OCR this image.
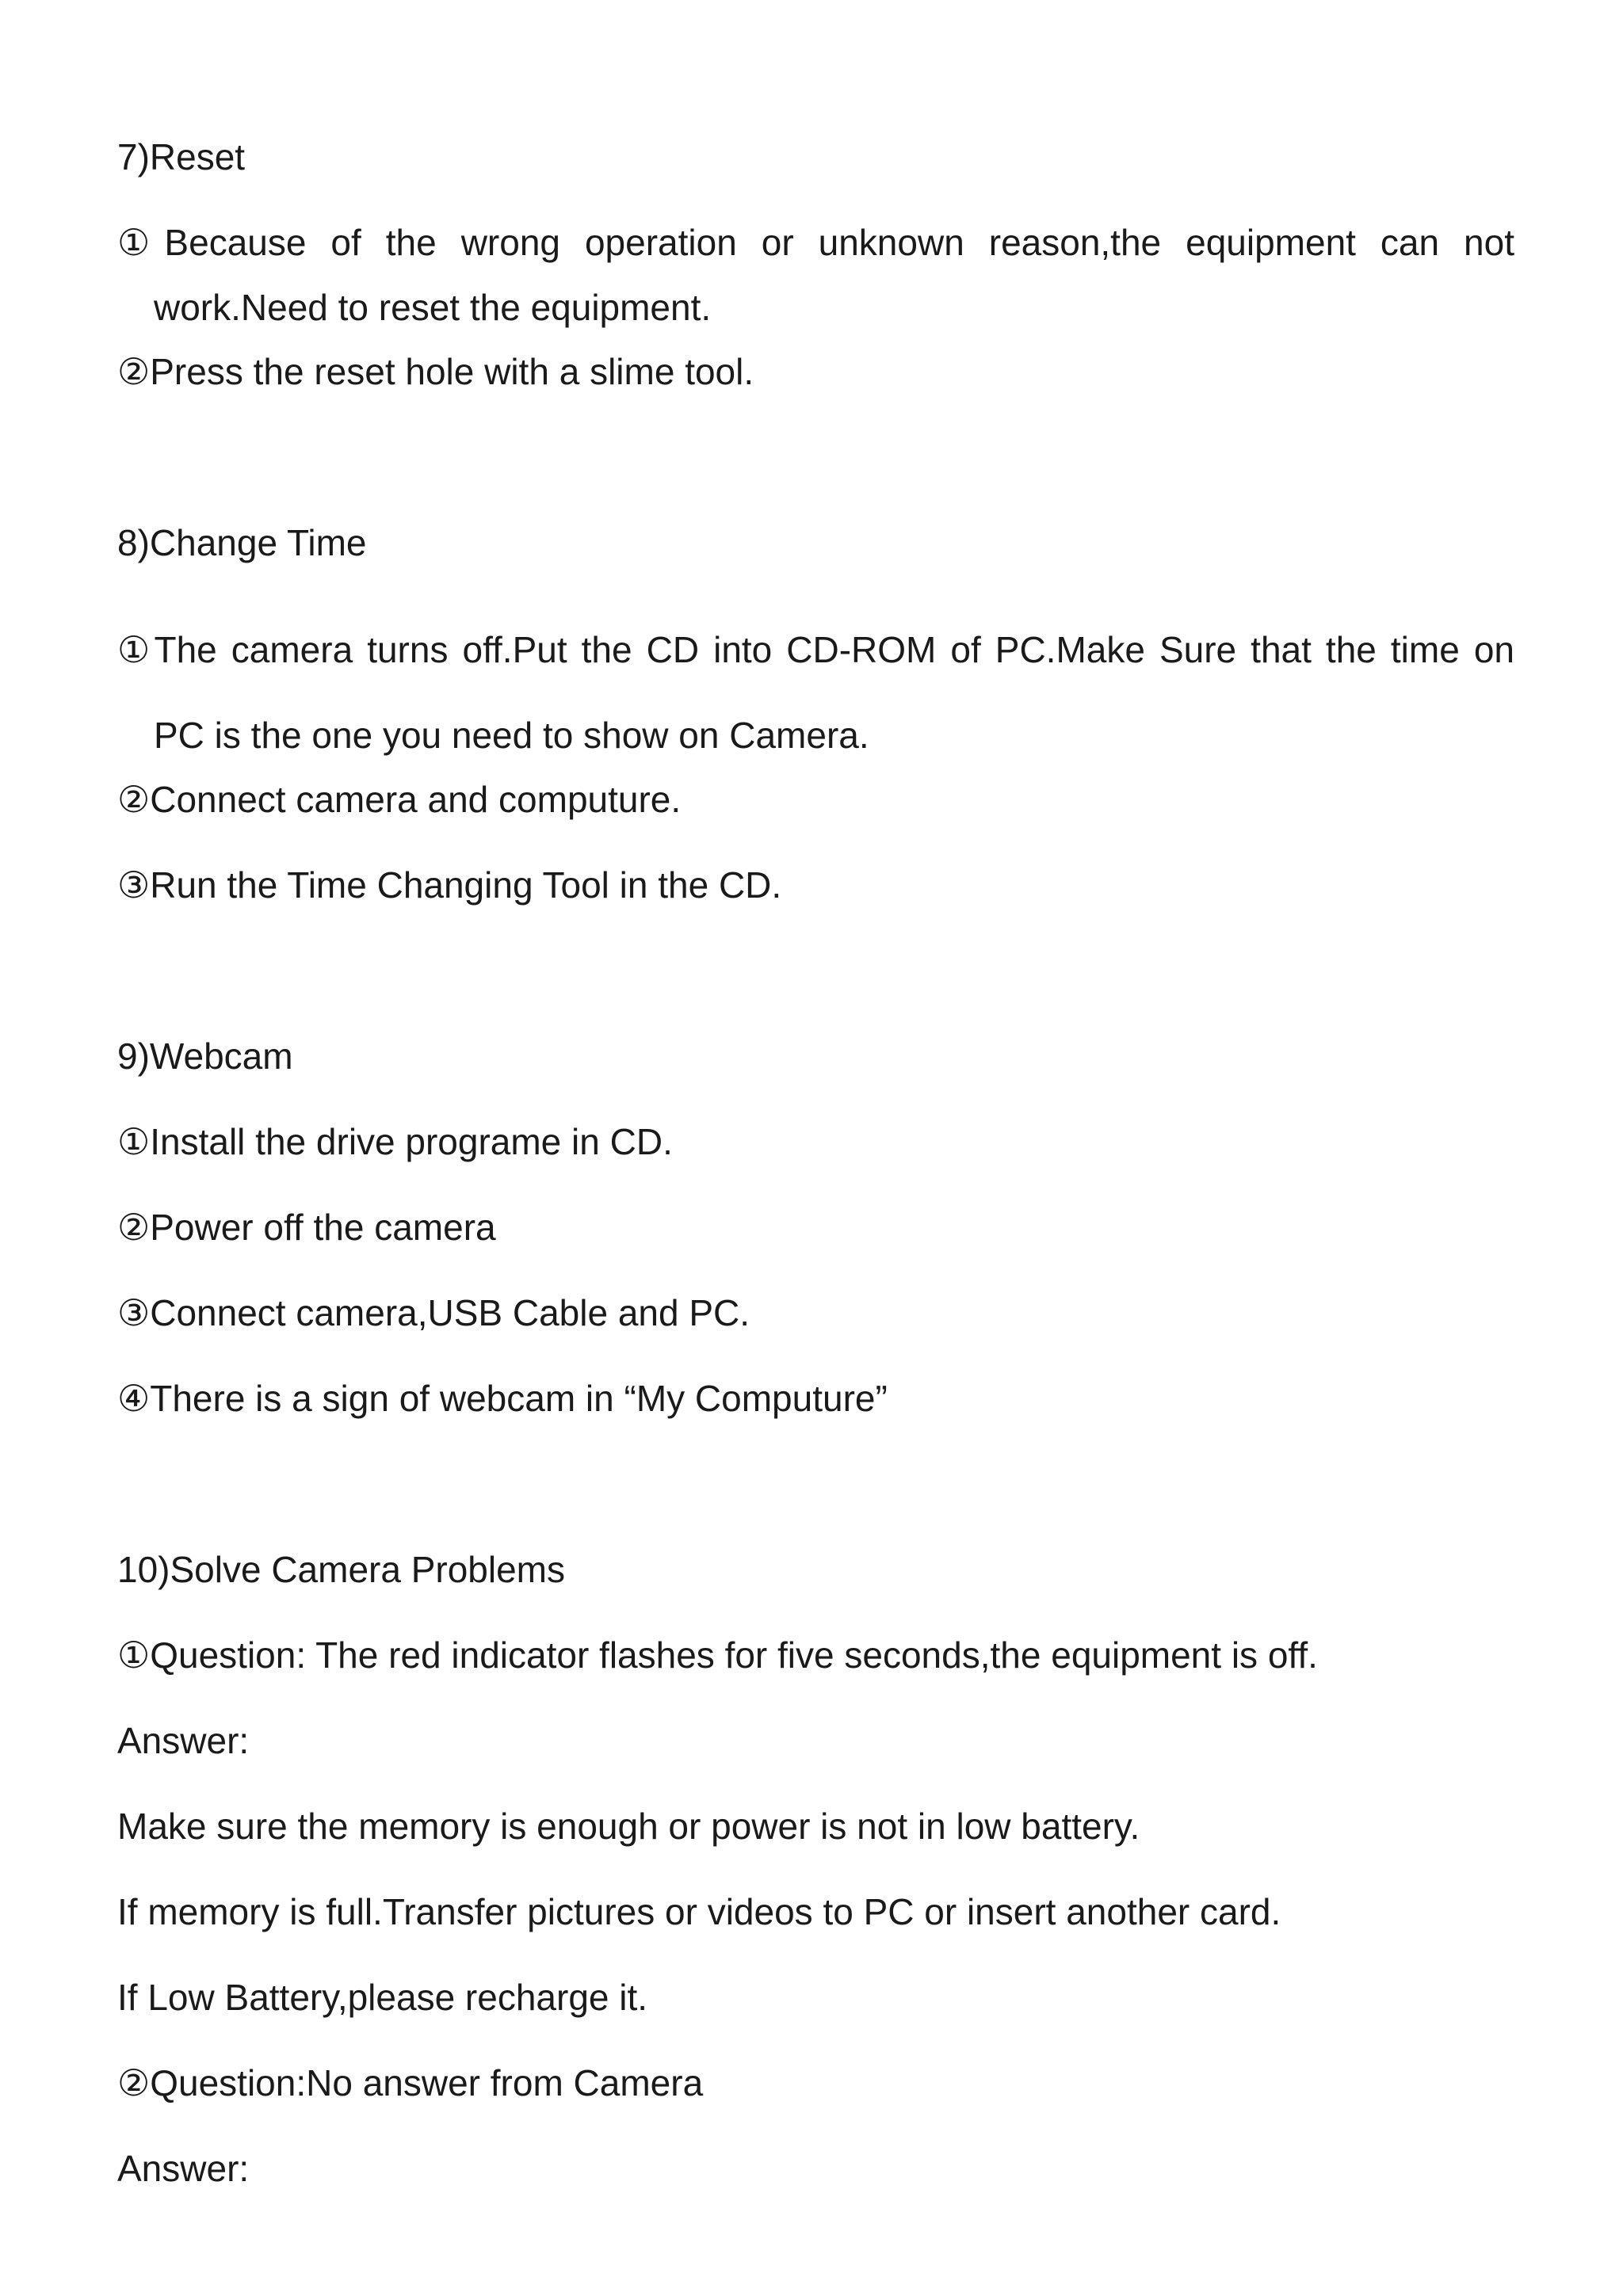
7)Reset

①Because of the wrong operation or unknown reason,the equipment can not

work.Need to reset the equipment.

②Press the reset hole with a slime tool.

8)Change Time

①The camera turns off.Put the CD into CD-ROM of PC.Make Sure that the time on

PC is the one you need to show on Camera.

②Connect camera and computure.

③Run the Time Changing Tool in the CD.

9)Webcam

①Install the drive programe in CD.

②Power off the camera

③Connect camera,USB Cable and PC.

④There is a sign of webcam in “My Computure”

10)Solve Camera Problems

①Question: The red indicator flashes for five seconds,the equipment is off.

Answer:

Make sure the memory is enough or power is not in low battery.

If memory is full.Transfer pictures or videos to PC or insert another card.

If Low Battery,please recharge it.

②Question:No answer from Camera

Answer:
